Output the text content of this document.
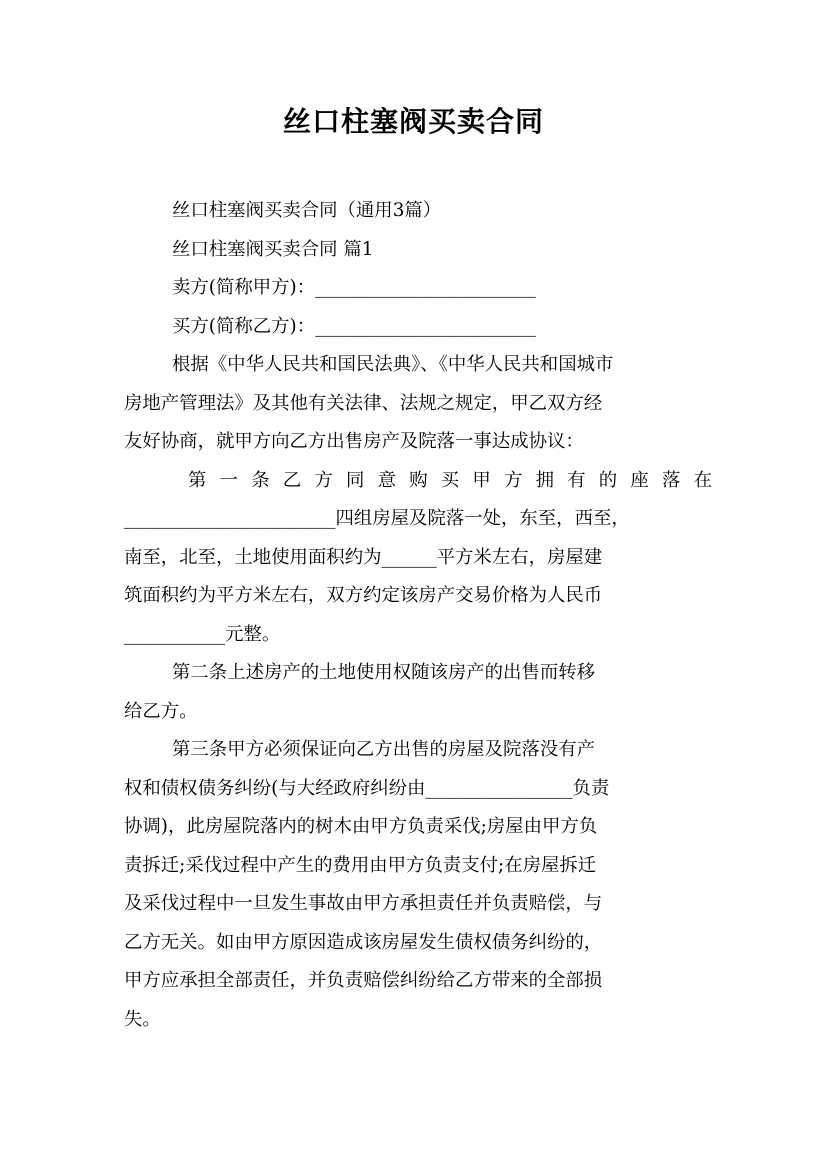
丝口柱塞阀买卖合同
丝口柱塞阀买卖合同（通用3篇）
丝口柱塞阀买卖合同 篇1
卖方(简称甲方)：________________________
买方(简称乙方)：________________________
根据《中华人民共和国民法典》、《中华人民共和国城市
房地产管理法》及其他有关法律、法规之规定，甲乙双方经
友好协商，就甲方向乙方出售房产及院落一事达成协议：
第 一 条 乙 方 同 意 购 买 甲 方 拥 有 的 座 落 在
_______________________四组房屋及院落一处，东至，西至，
南至，北至，土地使用面积约为______平方米左右，房屋建
筑面积约为平方米左右，双方约定该房产交易价格为人民币
___________元整。
第二条上述房产的土地使用权随该房产的出售而转移
给乙方。
第三条甲方必须保证向乙方出售的房屋及院落没有产
权和债权债务纠纷(与大经政府纠纷由________________负责
协调)，此房屋院落内的树木由甲方负责采伐;房屋由甲方负
责拆迁;采伐过程中产生的费用由甲方负责支付;在房屋拆迁
及采伐过程中一旦发生事故由甲方承担责任并负责赔偿，与
乙方无关。如由甲方原因造成该房屋发生债权债务纠纷的，
甲方应承担全部责任，并负责赔偿纠纷给乙方带来的全部损
失。
